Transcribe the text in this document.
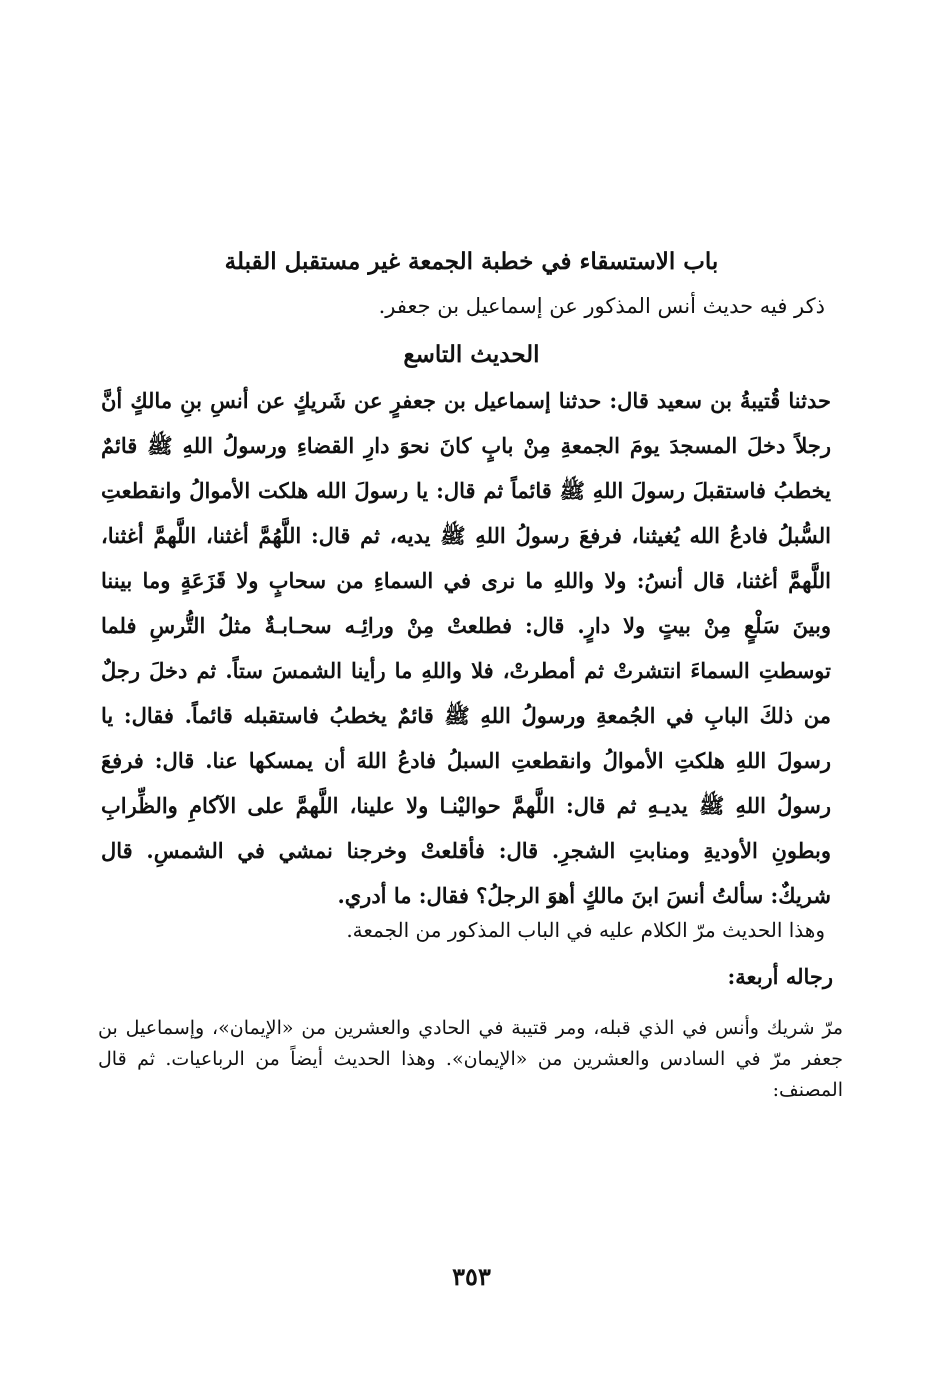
باب الاستسقاء في خطبة الجمعة غير مستقبل القبلة
ذكر فيه حديث أنس المذكور عن إسماعيل بن جعفر.
الحديث التاسع
حدثنا قُتيبةُ بن سعيد قال: حدثنا إسماعيل بن جعفرٍ عن شَريكٍ عن أنسِ بنِ مالكٍ أنَّ رجلاً دخلَ المسجدَ يومَ الجمعةِ مِنْ بابٍ كانَ نحوَ دارِ القضاءِ ورسولُ اللهِ ﷺ قائمٌ يخطبُ فاستقبلَ رسولَ اللهِ ﷺ قائماً ثم قال: يا رسولَ الله هلكت الأموالُ وانقطعتِ السُّبلُ فادعُ الله يُغيثنا، فرفعَ رسولُ اللهِ ﷺ يديه، ثم قال: اللَّهُمَّ أغثنا، اللَّهمَّ أغثنا، اللَّهمَّ أغثنا، قال أنسُ: ولا واللهِ ما نرى في السماءِ من سحابٍ ولا قَزَعَةٍ وما بيننا وبينَ سَلْعٍ مِنْ بيتٍ ولا دارٍ. قال: فطلعتْ مِنْ ورائِـه سحـابـةٌ مثلُ التُّرسِ فلما توسطتِ السماءَ انتشرتْ ثم أمطرتْ، فلا واللهِ ما رأينا الشمسَ ستاً. ثم دخلَ رجلٌ من ذلكَ البابِ في الجُمعةِ ورسولُ اللهِ ﷺ قائمٌ يخطبُ فاستقبله قائماً. فقال: يا رسولَ اللهِ هلكتِ الأموالُ وانقطعتِ السبلُ فادعُ اللهَ أن يمسكها عنا. قال: فرفعَ رسولُ اللهِ ﷺ يديـهِ ثم قال: اللَّهمَّ حواليْنـا ولا علينا، اللَّهمَّ على الآكامِ والظِّرابِ وبطونِ الأوديةِ ومنابتِ الشجرِ. قال: فأقلعتْ وخرجنا نمشي في الشمسِ. قال شريكٌ: سألتُ أنسَ ابنَ مالكٍ أهوَ الرجلُ؟ فقال: ما أدري.
وهذا الحديث مرّ الكلام عليه في الباب المذكور من الجمعة.
رجاله أربعة:
مرّ شريك وأنس في الذي قبله، ومر قتيبة في الحادي والعشرين من «الإيمان»، وإسماعيل بن جعفر مرّ في السادس والعشرين من «الإيمان». وهذا الحديث أيضاً من الرباعيات. ثم قال المصنف:
٣٥٣
